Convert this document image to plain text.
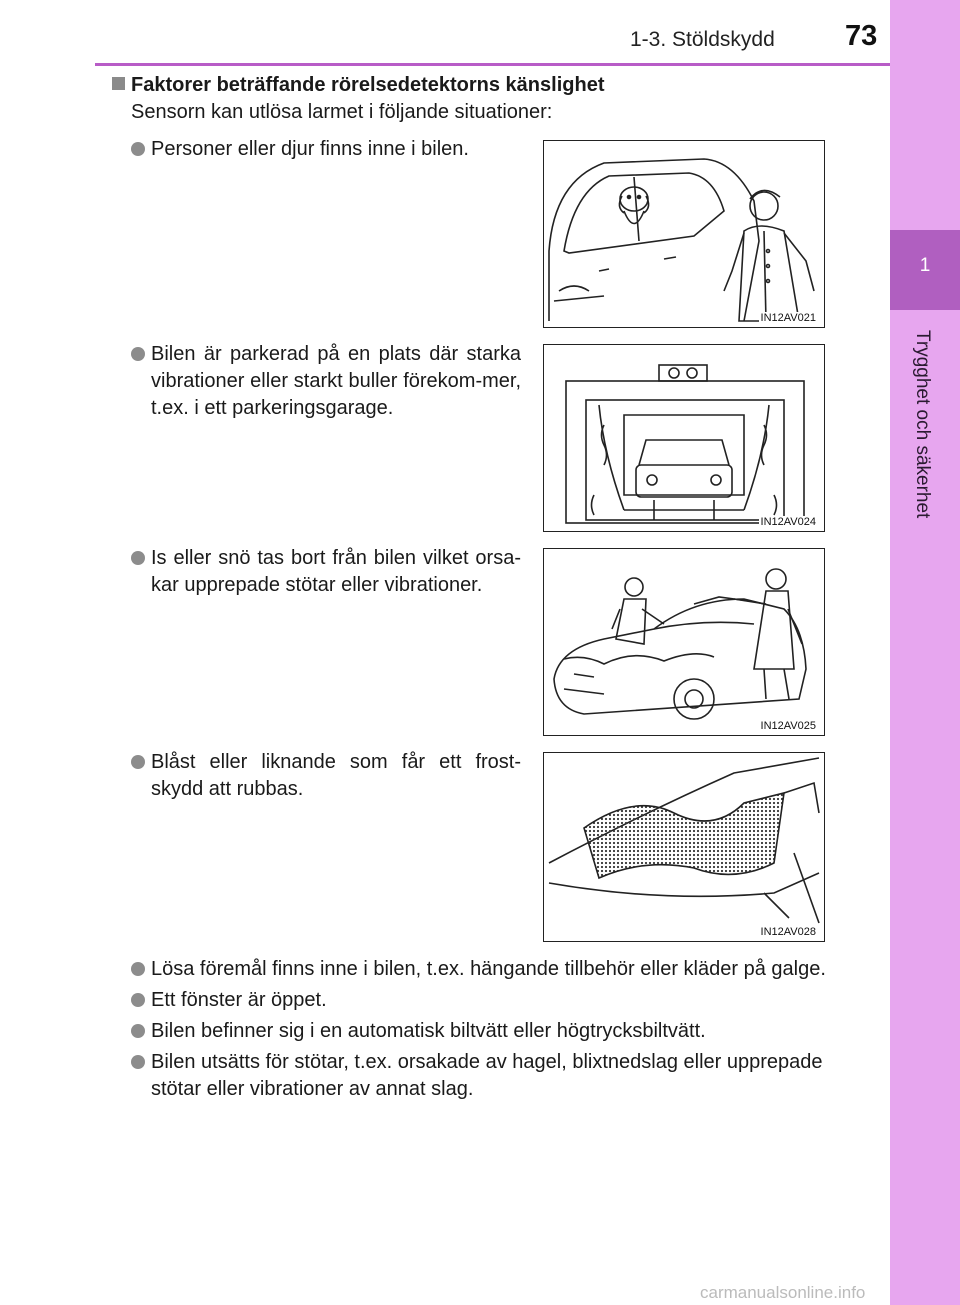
1-3. Stöldskydd 73
1
Trygghet och säkerhet
Faktorer beträffande rörelsedetektorns känslighet
Sensorn kan utlösa larmet i följande situationer:
Personer eller djur finns inne i bilen.
IN12AV021
Bilen är parkerad på en plats där starka vibrationer eller starkt buller förekom-mer, t.ex. i ett parkeringsgarage.
IN12AV024
Is eller snö tas bort från bilen vilket orsa-kar upprepade stötar eller vibrationer.
IN12AV025
Blåst eller liknande som får ett frost-skydd att rubbas.
IN12AV028
Lösa föremål finns inne i bilen, t.ex. hängande tillbehör eller kläder på galge.
Ett fönster är öppet.
Bilen befinner sig i en automatisk biltvätt eller högtrycksbiltvätt.
Bilen utsätts för stötar, t.ex. orsakade av hagel, blixtnedslag eller upprepade stötar eller vibrationer av annat slag.
carmanualsonline.info
